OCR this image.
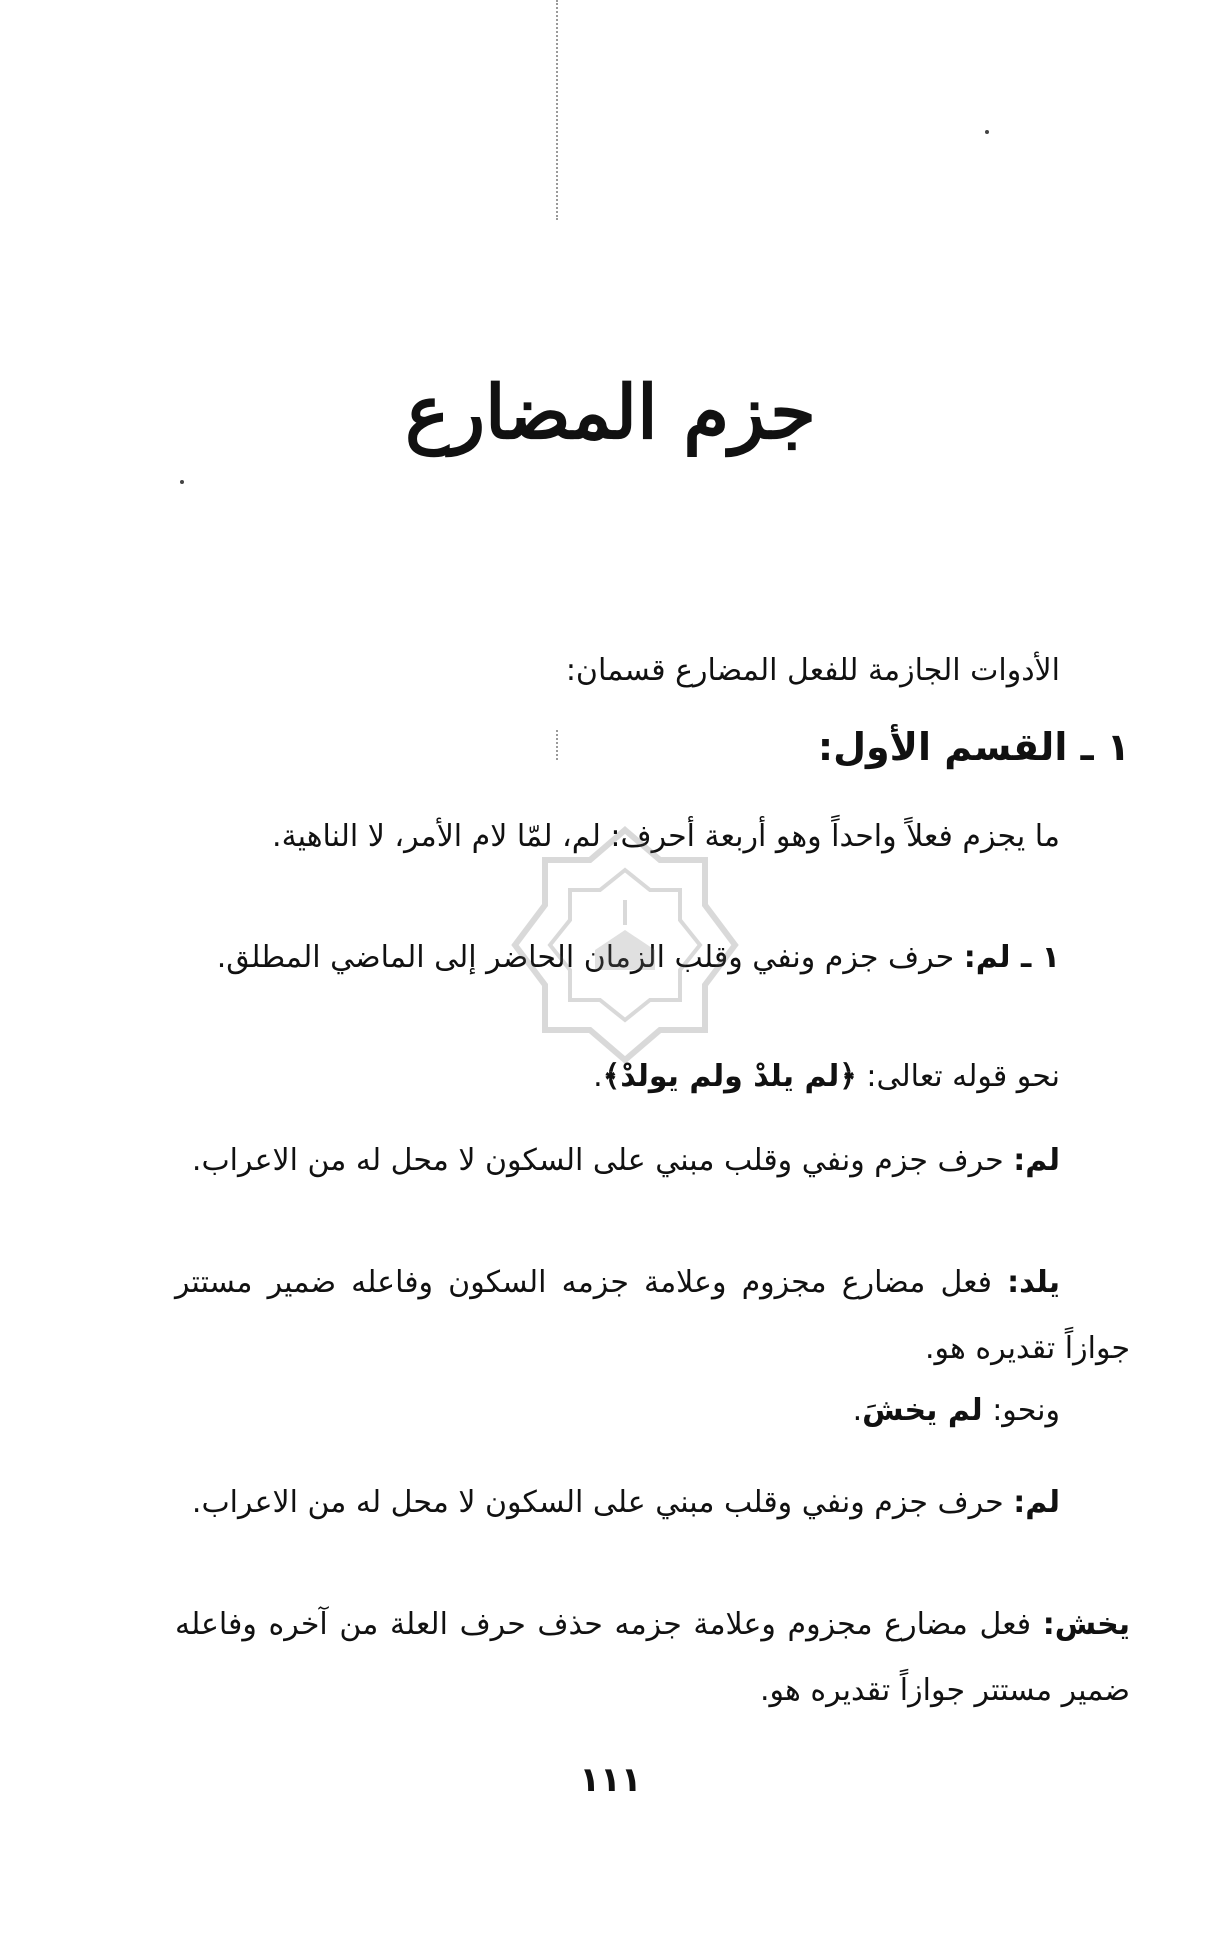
جزم المضارع
الأدوات الجازمة للفعل المضارع قسمان:
١ ـ القسم الأول:
ما يجزم فعلاً واحداً وهو أربعة أحرف: لم، لمّا لام الأمر، لا الناهية.
١ ـ لم: حرف جزم ونفي وقلب الزمان الحاضر إلى الماضي المطلق.
نحو قوله تعالى: ﴿لم يلدْ ولم يولدْ﴾.
لم: حرف جزم ونفي وقلب مبني على السكون لا محل له من الاعراب.
يلد: فعل مضارع مجزوم وعلامة جزمه السكون وفاعله ضمير مستتر جوازاً تقديره هو.
ونحو: لم يخشَ.
لم: حرف جزم ونفي وقلب مبني على السكون لا محل له من الاعراب.
يخش: فعل مضارع مجزوم وعلامة جزمه حذف حرف العلة من آخره وفاعله ضمير مستتر جوازاً تقديره هو.
١١١
